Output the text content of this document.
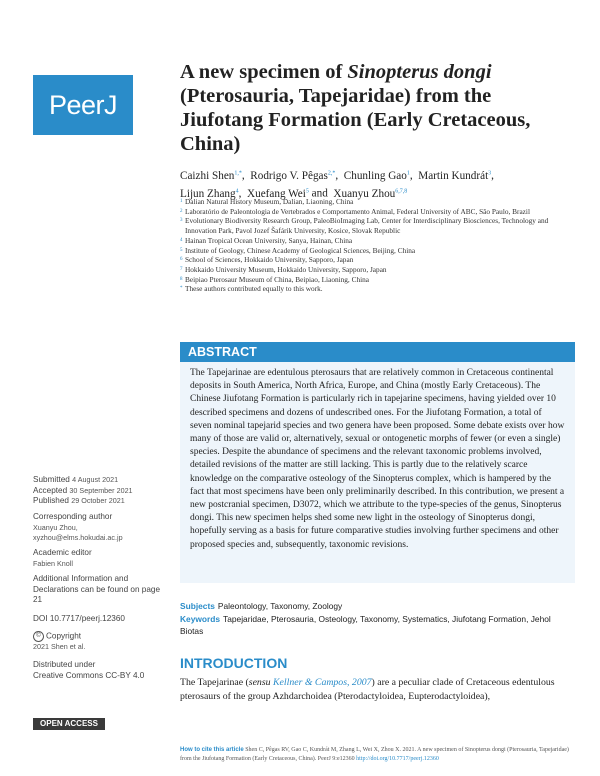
PeerJ
A new specimen of Sinopterus dongi (Pterosauria, Tapejaridae) from the Jiufotang Formation (Early Cretaceous, China)
Caizhi Shen$^{1,*}$,  Rodrigo V. Pêgas$^{2,*}$,  Chunling Gao$^1$,  Martin Kundrát$^3$,
Lijun Zhang$^4$,  Xuefang Wei$^5$ and  Xuanyu Zhou$^{6,7,8}$
1 Dalian Natural History Museum, Dalian, Liaoning, China
2 Laboratório de Paleontologia de Vertebrados e Comportamento Animal, Federal University of ABC, São Paulo, Brazil
3 Evolutionary Biodiversity Research Group, PaleoBioImaging Lab, Center for Interdisciplinary Biosciences, Technology and Innovation Park, Pavol Jozef Šafárik University, Kosice, Slovak Republic
4 Hainan Tropical Ocean University, Sanya, Hainan, China
5 Institute of Geology, Chinese Academy of Geological Sciences, Beijing, China
6 School of Sciences, Hokkaido University, Sapporo, Japan
7 Hokkaido University Museum, Hokkaido University, Sapporo, Japan
8 Beipiao Pterosaur Museum of China, Beipiao, Liaoning, China
* These authors contributed equally to this work.
ABSTRACT
The Tapejarinae are edentulous pterosaurs that are relatively common in Cretaceous continental deposits in South America, North Africa, Europe, and China (mostly Early Cretaceous). The Chinese Jiufotang Formation is particularly rich in tapejarine specimens, having yielded over 10 described specimens and dozens of undescribed ones. For the Jiufotang Formation, a total of seven nominal tapejarid species and two genera have been proposed. Some debate exists over how many of those are valid or, alternatively, sexual or ontogenetic morphs of fewer (or even a single) species. Despite the abundance of specimens and the relevant taxonomic problems involved, detailed revisions of the matter are still lacking. This is partly due to the relatively scarce knowledge on the comparative osteology of the Sinopterus complex, which is hampered by the fact that most specimens have been only preliminarily described. In this contribution, we present a new postcranial specimen, D3072, which we attribute to the type-species of the genus, Sinopterus dongi. This new specimen helps shed some new light in the osteology of Sinopterus dongi, hopefully serving as a basis for future comparative studies involving further specimens and other proposed species and, subsequently, taxonomic revisions.
Subjects Paleontology, Taxonomy, Zoology
Keywords Tapejaridae, Pterosauria, Osteology, Taxonomy, Systematics, Jiufotang Formation, Jehol Biotas
INTRODUCTION
The Tapejarinae (sensu Kellner & Campos, 2007) are a peculiar clade of Cretaceous edentulous pterosaurs of the group Azhdarchoidea (Pterodactyloidea, Eupterodactyloidea),
Submitted 4 August 2021
Accepted 30 September 2021
Published 29 October 2021
Corresponding author
Xuanyu Zhou,
xyzhou@elms.hokudai.ac.jp
Academic editor
Fabien Knoll
Additional Information and Declarations can be found on page 21
DOI 10.7717/peerj.12360
© Copyright
2021 Shen et al.
Distributed under
Creative Commons CC-BY 4.0
OPEN ACCESS
How to cite this article Shen C, Pêgas RV, Gao C, Kundrát M, Zhang L, Wei X, Zhou X. 2021. A new specimen of Sinopterus dongi (Pterosauria, Tapejaridae) from the Jiufotang Formation (Early Cretaceous, China). PeerJ 9:e12360 http://doi.org/10.7717/peerj.12360
